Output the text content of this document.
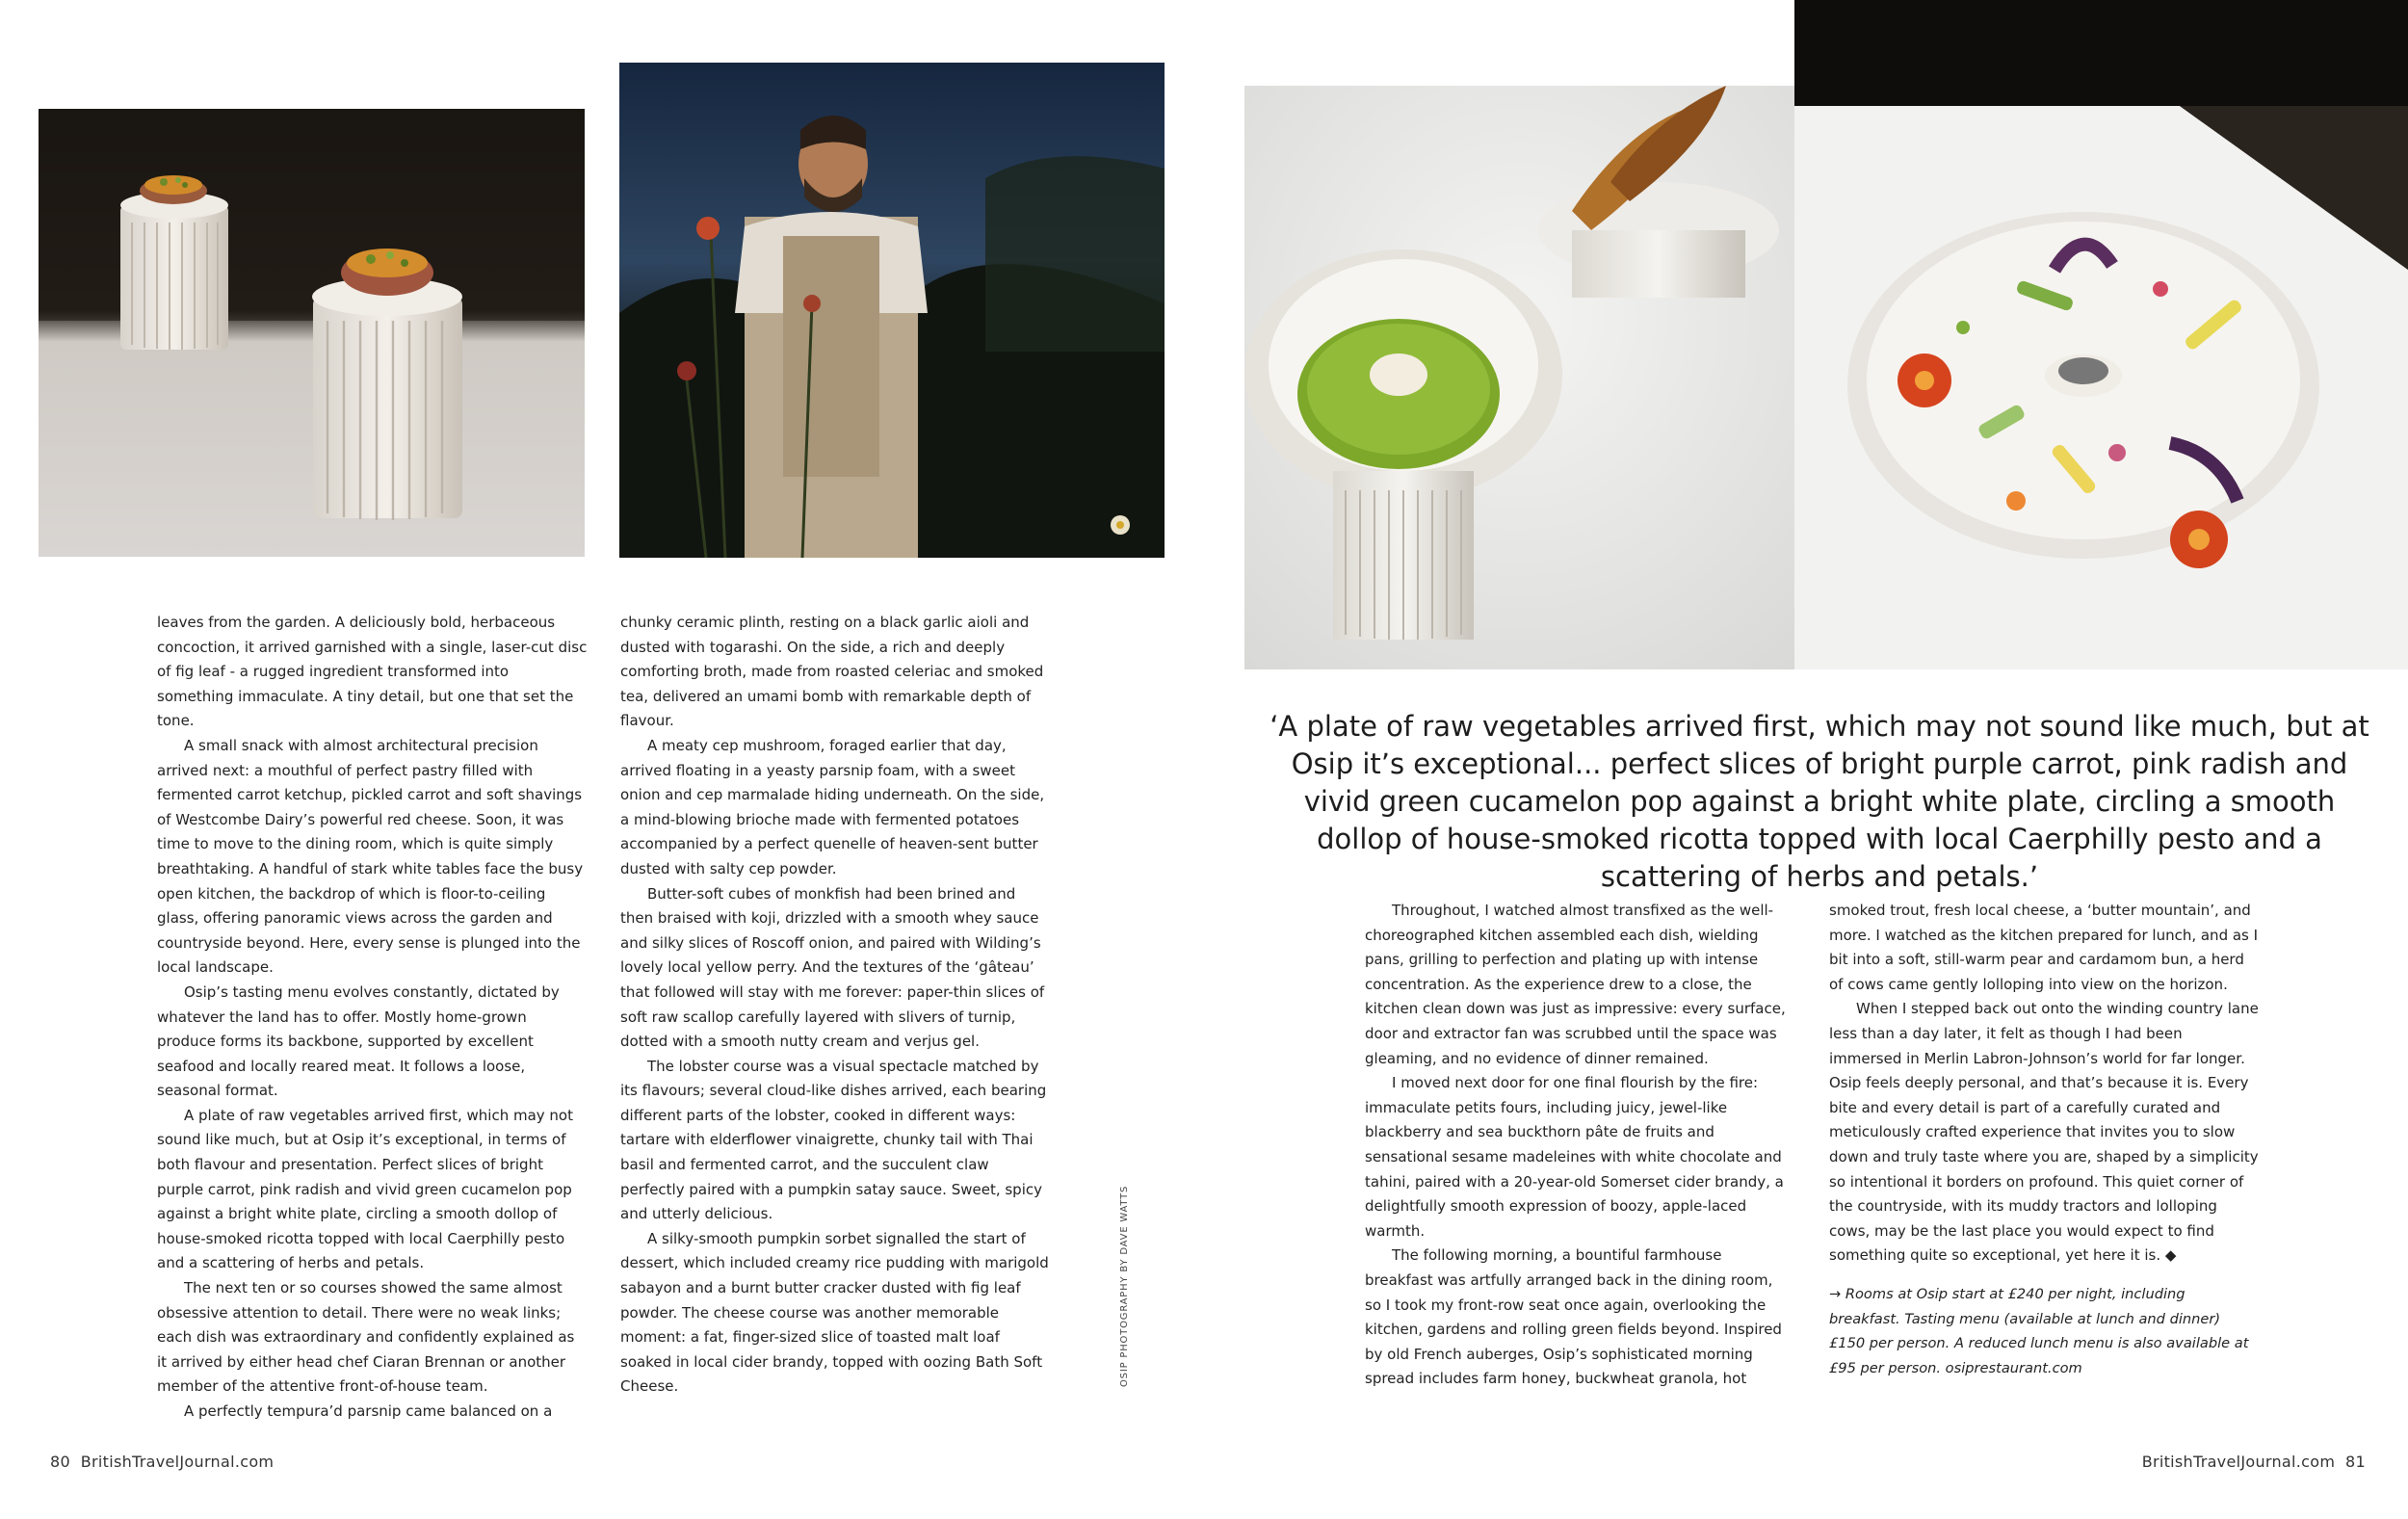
leaves from the garden. A deliciously bold, herbaceous concoction, it arrived garnished with a single, laser-cut disc of fig leaf - a rugged ingredient transformed into something immaculate. A tiny detail, but one that set the tone.

A small snack with almost architectural precision arrived next: a mouthful of perfect pastry filled with fermented carrot ketchup, pickled carrot and soft shavings of Westcombe Dairy’s powerful red cheese. Soon, it was time to move to the dining room, which is quite simply breathtaking. A handful of stark white tables face the busy open kitchen, the backdrop of which is floor-to-ceiling glass, offering panoramic views across the garden and countryside beyond. Here, every sense is plunged into the local landscape.

Osip’s tasting menu evolves constantly, dictated by whatever the land has to offer. Mostly home-grown produce forms its backbone, supported by excellent seafood and locally reared meat. It follows a loose, seasonal format.

A plate of raw vegetables arrived first, which may not sound like much, but at Osip it’s exceptional, in terms of both flavour and presentation. Perfect slices of bright purple carrot, pink radish and vivid green cucamelon pop against a bright white plate, circling a smooth dollop of house-smoked ricotta topped with local Caerphilly pesto and a scattering of herbs and petals.

The next ten or so courses showed the same almost obsessive attention to detail. There were no weak links; each dish was extraordinary and confidently explained as it arrived by either head chef Ciaran Brennan or another member of the attentive front-of-house team.

A perfectly tempura’d parsnip came balanced on a

chunky ceramic plinth, resting on a black garlic aioli and dusted with togarashi. On the side, a rich and deeply comforting broth, made from roasted celeriac and smoked tea, delivered an umami bomb with remarkable depth of flavour.

A meaty cep mushroom, foraged earlier that day, arrived floating in a yeasty parsnip foam, with a sweet onion and cep marmalade hiding underneath. On the side, a mind-blowing brioche made with fermented potatoes accompanied by a perfect quenelle of heaven-sent butter dusted with salty cep powder.

Butter-soft cubes of monkfish had been brined and then braised with koji, drizzled with a smooth whey sauce and silky slices of Roscoff onion, and paired with Wilding’s lovely local yellow perry. And the textures of the ‘gâteau’ that followed will stay with me forever: paper-thin slices of soft raw scallop carefully layered with slivers of turnip, dotted with a smooth nutty cream and verjus gel.

The lobster course was a visual spectacle matched by its flavours; several cloud-like dishes arrived, each bearing different parts of the lobster, cooked in different ways: tartare with elderflower vinaigrette, chunky tail with Thai basil and fermented carrot, and the succulent claw perfectly paired with a pumpkin satay sauce. Sweet, spicy and utterly delicious.

A silky-smooth pumpkin sorbet signalled the start of dessert, which included creamy rice pudding with marigold sabayon and a burnt butter cracker dusted with fig leaf powder. The cheese course was another memorable moment: a fat, finger-sized slice of toasted malt loaf soaked in local cider brandy, topped with oozing Bath Soft Cheese.	OSIP PHOTOGRAPHY BY DAVE WATTS
‘A plate of raw vegetables arrived first, which may not sound like much, but at Osip it’s exceptional... perfect slices of bright purple carrot, pink radish and vivid green cucamelon pop against a bright white plate, circling a smooth dollop of house-smoked ricotta topped with local Caerphilly pesto and a scattering of herbs and petals.’

Throughout, I watched almost transfixed as the well-choreographed kitchen assembled each dish, wielding pans, grilling to perfection and plating up with intense concentration. As the experience drew to a close, the kitchen clean down was just as impressive: every surface, door and extractor fan was scrubbed until the space was gleaming, and no evidence of dinner remained.

I moved next door for one final flourish by the fire: immaculate petits fours, including juicy, jewel-like blackberry and sea buckthorn pâte de fruits and sensational sesame madeleines with white chocolate and tahini, paired with a 20-year-old Somerset cider brandy, a delightfully smooth expression of boozy, apple-laced warmth.

The following morning, a bountiful farmhouse breakfast was artfully arranged back in the dining room, so I took my front-row seat once again, overlooking the kitchen, gardens and rolling green fields beyond. Inspired by old French auberges, Osip’s sophisticated morning spread includes farm honey, buckwheat granola, hot

smoked trout, fresh local cheese, a ‘butter mountain’, and more. I watched as the kitchen prepared for lunch, and as I bit into a soft, still-warm pear and cardamom bun, a herd of cows came gently lolloping into view on the horizon.

When I stepped back out onto the winding country lane less than a day later, it felt as though I had been immersed in Merlin Labron-Johnson’s world for far longer. Osip feels deeply personal, and that’s because it is. Every bite and every detail is part of a carefully curated and meticulously crafted experience that invites you to slow down and truly taste where you are, shaped by a simplicity so intentional it borders on profound. This quiet corner of the countryside, with its muddy tractors and lolloping cows, may be the last place you would expect to find something quite so exceptional, yet here it is. ◆

→ Rooms at Osip start at £240 per night, including breakfast. Tasting menu (available at lunch and dinner) £150 per person. A reduced lunch menu is also available at £95 per person. osiprestaurant.com

80 BritishTravelJournal.com	BritishTravelJournal.com 81
